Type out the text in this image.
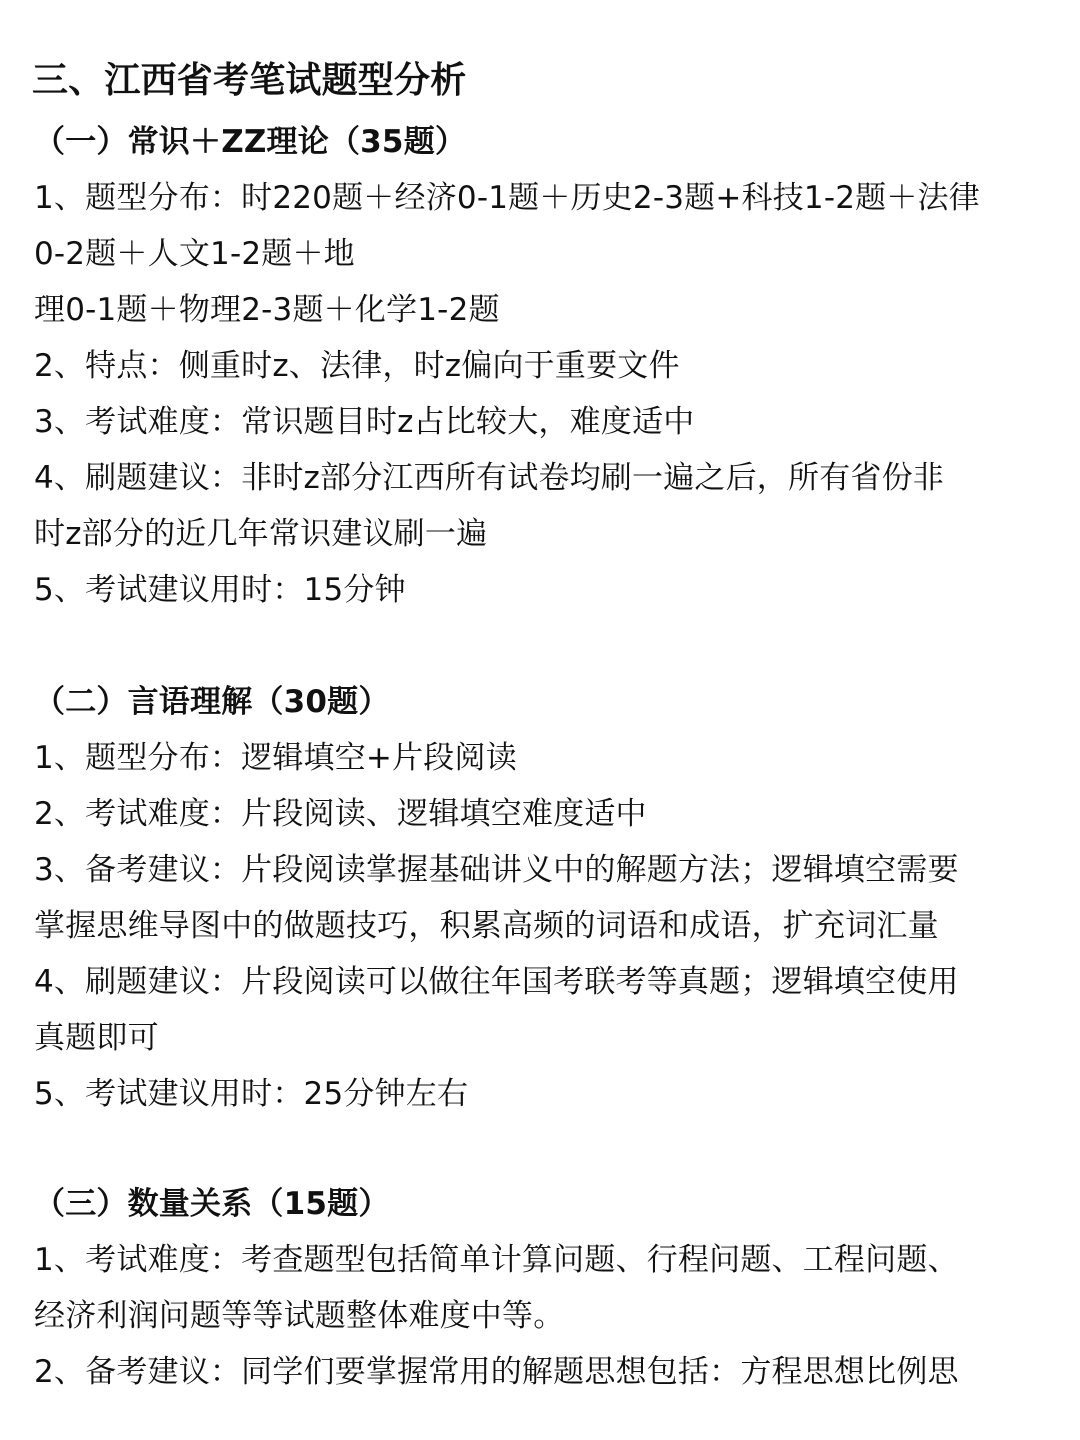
三、江西省考笔试题型分析
（一）常识＋ZZ理论（35题）
1、题型分布：时220题＋经济0-1题＋历史2-3题+科技1-2题＋法律
0-2题＋人文1-2题＋地
理0-1题＋物理2-3题＋化学1-2题
2、特点：侧重时z、法律，时z偏向于重要文件
3、考试难度：常识题目时z占比较大，难度适中
4、刷题建议：非时z部分江西所有试卷均刷一遍之后，所有省份非
时z部分的近几年常识建议刷一遍
5、考试建议用时：15分钟
（二）言语理解（30题）
1、题型分布：逻辑填空+片段阅读
2、考试难度：片段阅读、逻辑填空难度适中
3、备考建议：片段阅读掌握基础讲义中的解题方法；逻辑填空需要
掌握思维导图中的做题技巧，积累高频的词语和成语，扩充词汇量
4、刷题建议：片段阅读可以做往年国考联考等真题；逻辑填空使用
真题即可
5、考试建议用时：25分钟左右
（三）数量关系（15题）
1、考试难度：考查题型包括简单计算问题、行程问题、工程问题、
经济利润问题等等试题整体难度中等。
2、备考建议：同学们要掌握常用的解题思想包括：方程思想比例思
